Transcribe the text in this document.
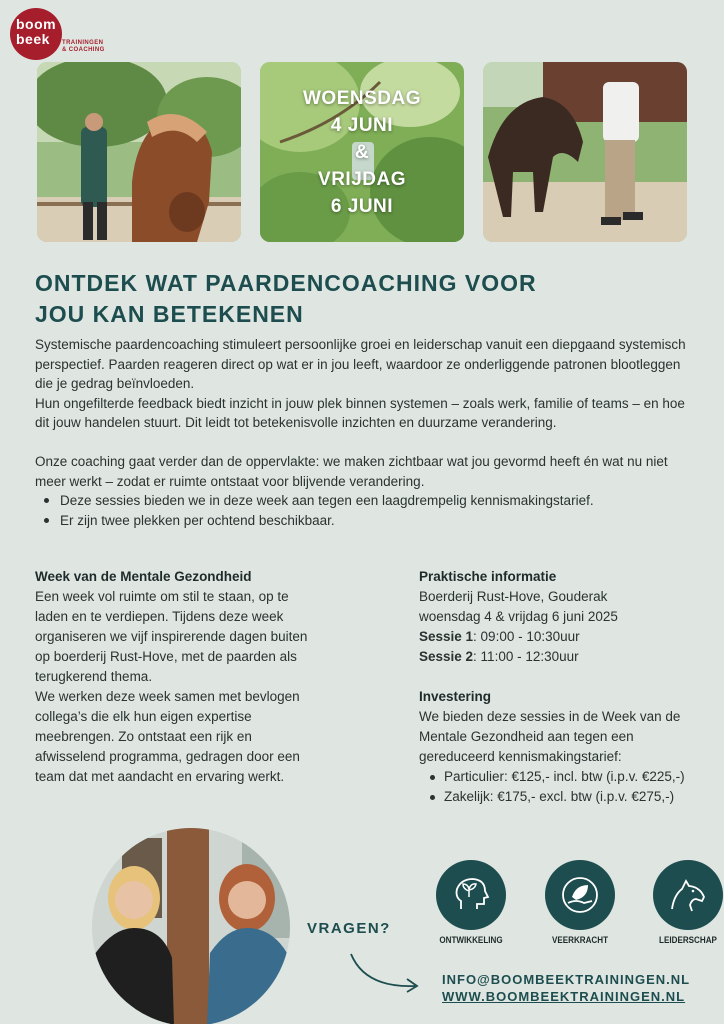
boom
beek	TRAININGEN
& COACHING
WOENSDAG
4 JUNI
&
VRIJDAG
6 JUNI
ONTDEK WAT PAARDENCOACHING VOOR
JOU KAN BETEKENEN

Systemische paardencoaching stimuleert persoonlijke groei en leiderschap vanuit een diepgaand systemisch perspectief. Paarden reageren direct op wat er in jou leeft, waardoor ze onderliggende patronen blootleggen die je gedrag beïnvloeden.

Hun ongefilterde feedback biedt inzicht in jouw plek binnen systemen – zoals werk, familie of teams – en hoe dit jouw handelen stuurt. Dit leidt tot betekenisvolle inzichten en duurzame verandering.

Onze coaching gaat verder dan de oppervlakte: we maken zichtbaar wat jou gevormd heeft én wat nu niet meer werkt – zodat er ruimte ontstaat voor blijvende verandering.

Deze sessies bieden we in deze week aan tegen een laagdrempelig kennismakingstarief.
Er zijn twee plekken per ochtend beschikbaar.
Week van de Mentale Gezondheid

Een week vol ruimte om stil te staan, op te laden en te verdiepen. Tijdens deze week organiseren we vijf inspirerende dagen buiten op boerderij Rust-Hove, met de paarden als terugkerend thema.

We werken deze week samen met bevlogen collega’s die elk hun eigen expertise meebrengen. Zo ontstaat een rijk en afwisselend programma, gedragen door een team dat met aandacht en ervaring werkt.

Praktische informatie
Boerderij Rust-Hove, Gouderak
woensdag 4 & vrijdag 6 juni 2025
Sessie 1: 09:00 - 10:30uur
Sessie 2: 11:00 - 12:30uur
Investering

We bieden deze sessies in de Week van de Mentale Gezondheid aan tegen een gereduceerd kennismakingstarief:

Particulier: €125,- incl. btw (i.p.v. €225,-)
Zakelijk: €175,- excl. btw (i.p.v. €275,-)
VRAGEN?
ONTWIKKELING	VEERKRACHT	LEIDERSCHAP
INFO@BOOMBEEKTRAININGEN.NL
WWW.BOOMBEEKTRAININGEN.NL
